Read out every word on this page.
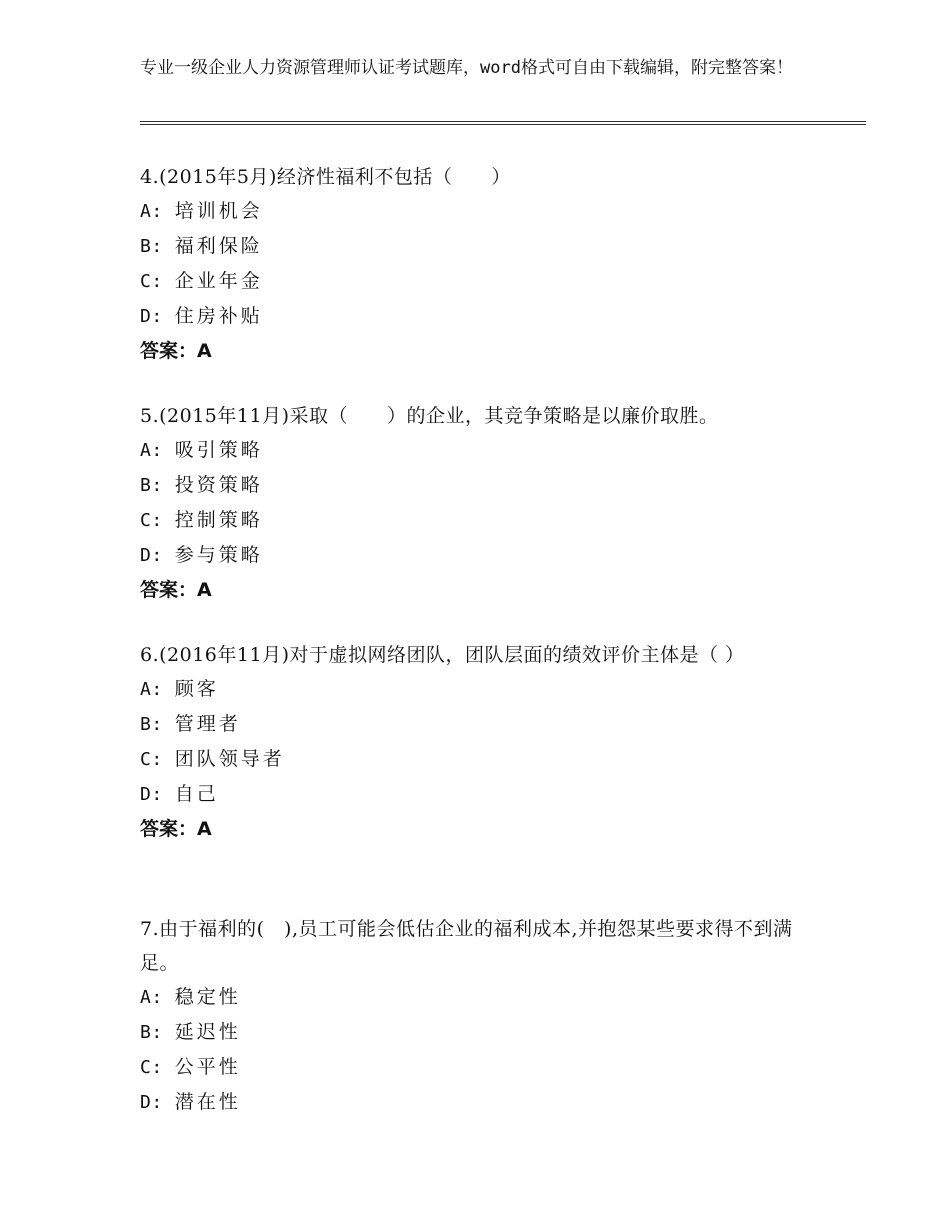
专业一级企业人力资源管理师认证考试题库，word格式可自由下载编辑，附完整答案！

4.(2015年5月)经济性福利不包括（　　）

A: 培训机会

B: 福利保险

C: 企业年金

D: 住房补贴

答案：A

5.(2015年11月)采取（　　）的企业，其竞争策略是以廉价取胜。

A: 吸引策略

B: 投资策略

C: 控制策略

D: 参与策略

答案：A

6.(2016年11月)对于虚拟网络团队，团队层面的绩效评价主体是（ ）

A: 顾客

B: 管理者

C: 团队领导者

D: 自己

答案：A

7.由于福利的(　),员工可能会低估企业的福利成本,并抱怨某些要求得不到满足。

A: 稳定性

B: 延迟性

C: 公平性

D: 潜在性
